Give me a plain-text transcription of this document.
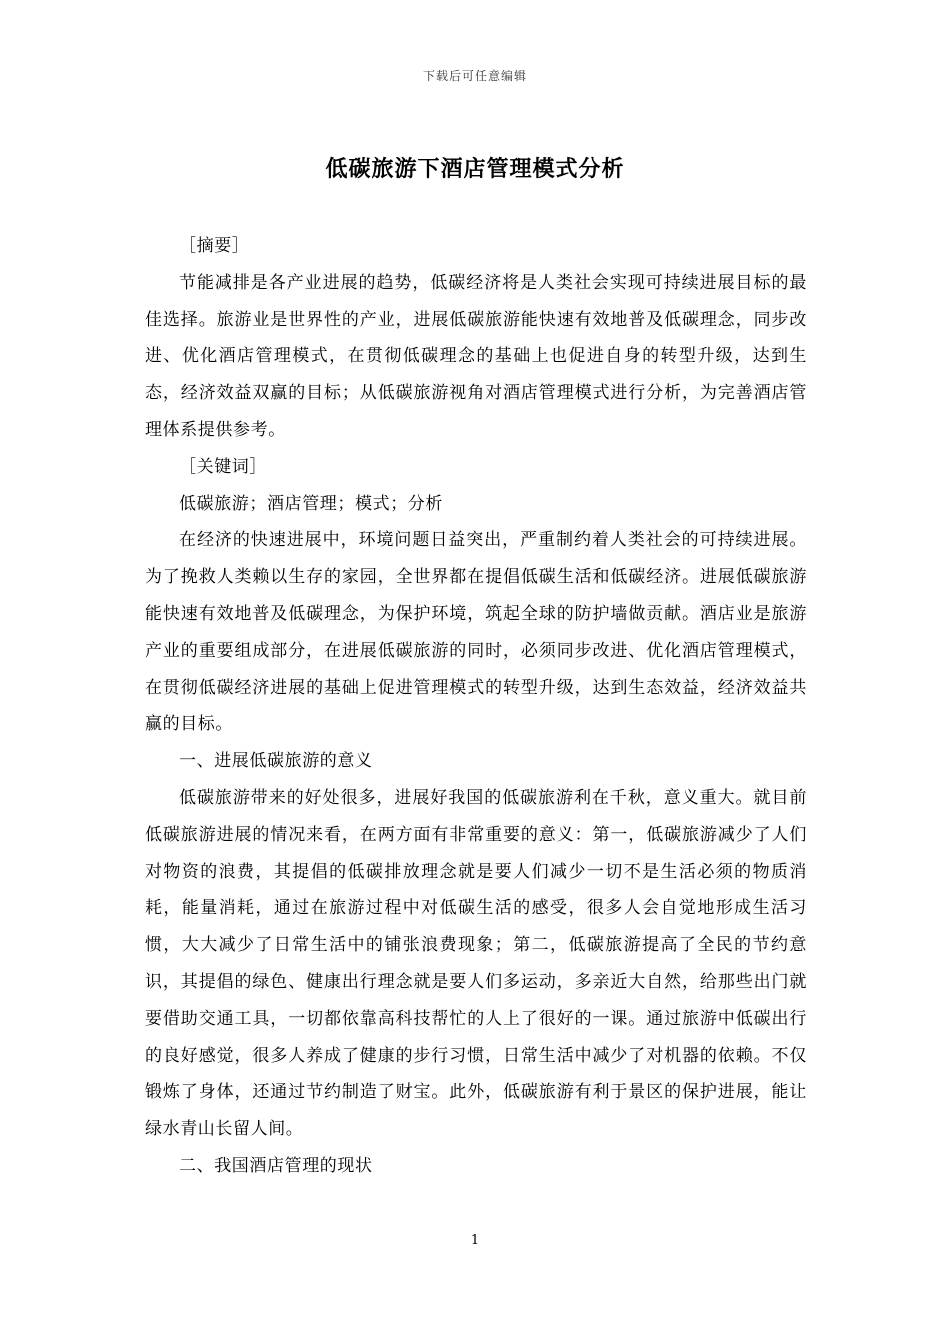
下载后可任意编辑
低碳旅游下酒店管理模式分析

［摘要］

节能减排是各产业进展的趋势，低碳经济将是人类社会实现可持续进展目标的最佳选择。旅游业是世界性的产业，进展低碳旅游能快速有效地普及低碳理念，同步改进、优化酒店管理模式，在贯彻低碳理念的基础上也促进自身的转型升级，达到生态，经济效益双赢的目标；从低碳旅游视角对酒店管理模式进行分析，为完善酒店管理体系提供参考。

［关键词］

低碳旅游；酒店管理；模式；分析

在经济的快速进展中，环境问题日益突出，严重制约着人类社会的可持续进展。为了挽救人类赖以生存的家园，全世界都在提倡低碳生活和低碳经济。进展低碳旅游能快速有效地普及低碳理念，为保护环境，筑起全球的防护墙做贡献。酒店业是旅游产业的重要组成部分，在进展低碳旅游的同时，必须同步改进、优化酒店管理模式，在贯彻低碳经济进展的基础上促进管理模式的转型升级，达到生态效益，经济效益共赢的目标。

一、进展低碳旅游的意义

低碳旅游带来的好处很多，进展好我国的低碳旅游利在千秋，意义重大。就目前低碳旅游进展的情况来看，在两方面有非常重要的意义：第一，低碳旅游减少了人们对物资的浪费，其提倡的低碳排放理念就是要人们减少一切不是生活必须的物质消耗，能量消耗，通过在旅游过程中对低碳生活的感受，很多人会自觉地形成生活习惯，大大减少了日常生活中的铺张浪费现象；第二，低碳旅游提高了全民的节约意识，其提倡的绿色、健康出行理念就是要人们多运动，多亲近大自然，给那些出门就要借助交通工具，一切都依靠高科技帮忙的人上了很好的一课。通过旅游中低碳出行的良好感觉，很多人养成了健康的步行习惯，日常生活中减少了对机器的依赖。不仅锻炼了身体，还通过节约制造了财宝。此外，低碳旅游有利于景区的保护进展，能让绿水青山长留人间。

二、我国酒店管理的现状

1
